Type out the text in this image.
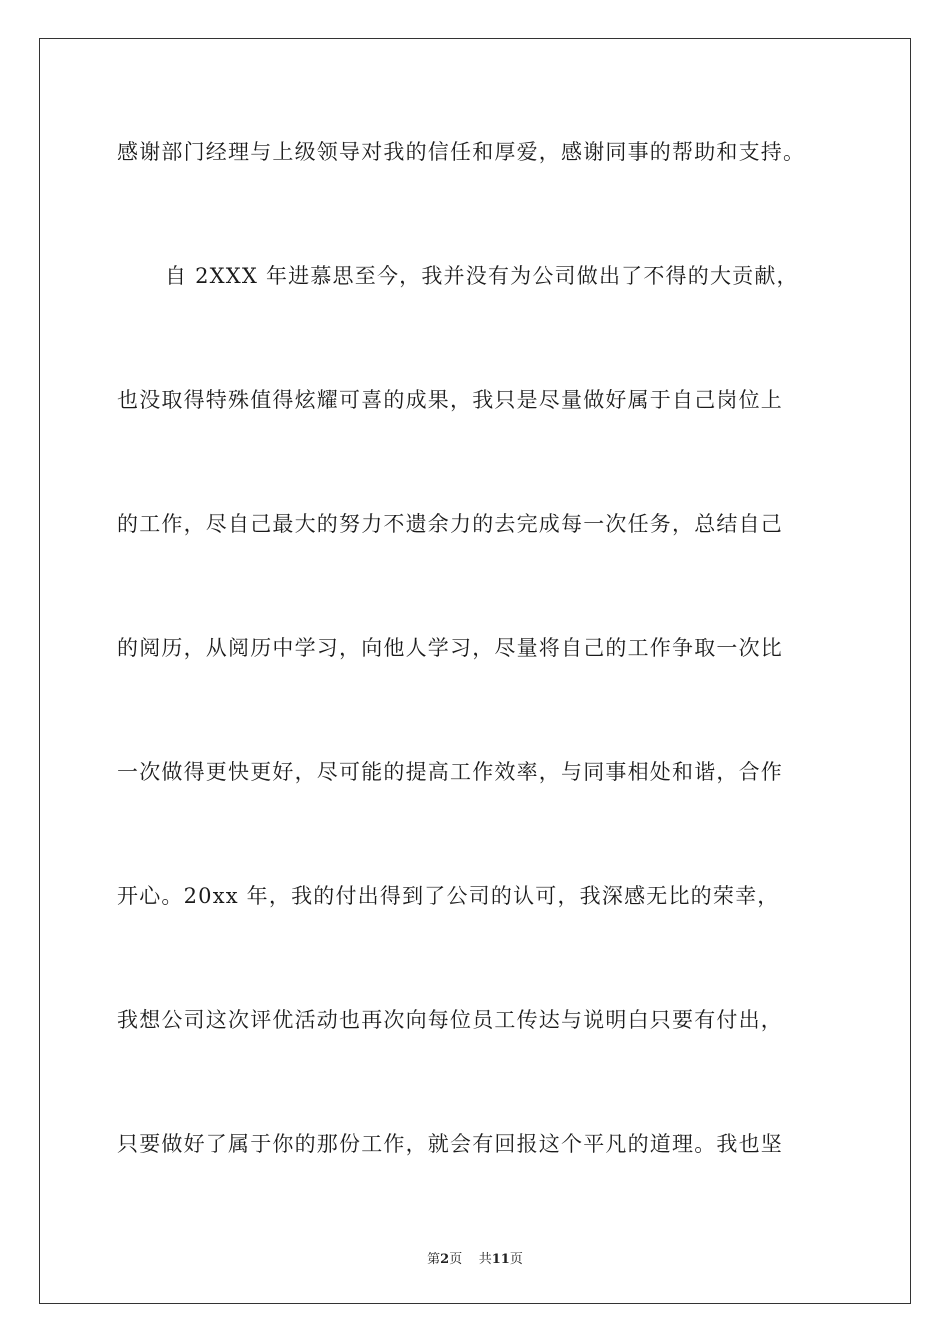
感谢部门经理与上级领导对我的信任和厚爱，感谢同事的帮助和支持。
自 2XXX 年进慕思至今，我并没有为公司做出了不得的大贡献，
也没取得特殊值得炫耀可喜的成果，我只是尽量做好属于自己岗位上
的工作，尽自己最大的努力不遗余力的去完成每一次任务，总结自己
的阅历，从阅历中学习，向他人学习，尽量将自己的工作争取一次比
一次做得更快更好，尽可能的提高工作效率，与同事相处和谐，合作
开心。20xx 年，我的付出得到了公司的认可，我深感无比的荣幸，
我想公司这次评优活动也再次向每位员工传达与说明白只要有付出，
只要做好了属于你的那份工作，就会有回报这个平凡的道理。我也坚
第2页 共11页
